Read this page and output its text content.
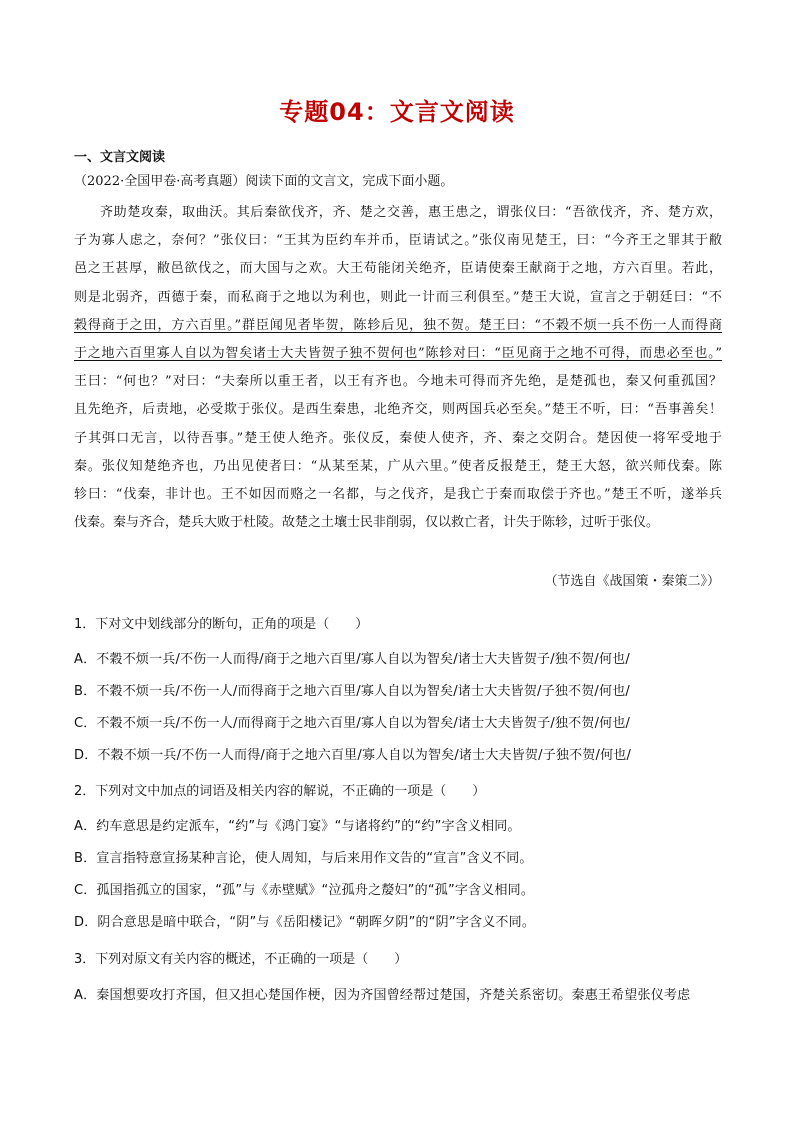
专题04：文言文阅读
一、文言文阅读
（2022·全国甲卷·高考真题）阅读下面的文言文，完成下面小题。
齐助楚攻秦，取曲沃。其后秦欲伐齐，齐、楚之交善，惠王患之，谓张仪曰：“吾欲伐齐，齐、楚方欢，
子为寡人虑之，奈何？”张仪曰：“王其为臣约车并币，臣请试之。”张仪南见楚王，曰：“今齐王之罪其于敝
邑之王甚厚，敝邑欲伐之，而大国与之欢。大王苟能闭关绝齐，臣请使秦王献商于之地，方六百里。若此，
则是北弱齐，西德于秦，而私商于之地以为利也，则此一计而三利俱至。”楚王大说，宣言之于朝廷曰：“不
榖得商于之田，方六百里。”群臣闻见者毕贺，陈轸后见，独不贺。楚王曰：“不榖不烦一兵不伤一人而得商
于之地六百里寡人自以为智矣诸士大夫皆贺子独不贺何也”陈轸对曰：“臣见商于之地不可得，而患必至也。”
王曰：“何也？”对曰：“夫秦所以重王者，以王有齐也。今地未可得而齐先绝，是楚孤也，秦又何重孤国？
且先绝齐，后责地，必受欺于张仪。是西生秦患，北绝齐交，则两国兵必至矣。”楚王不听，曰：“吾事善矣！
子其弭口无言，以待吾事。”楚王使人绝齐。张仪反，秦使人使齐，齐、秦之交阴合。楚因使一将军受地于
秦。张仪知楚绝齐也，乃出见使者曰：“从某至某，广从六里。”使者反报楚王，楚王大怒，欲兴师伐秦。陈
轸曰：“伐秦，非计也。王不如因而赂之一名都，与之伐齐，是我亡于秦而取偿于齐也。”楚王不听，遂举兵
伐秦。秦与齐合，楚兵大败于杜陵。故楚之土壤士民非削弱，仅以救亡者，计失于陈轸，过听于张仪。
（节选自《战国策・秦策二》）
1．下对文中划线部分的断句，正角的项是（　　）
A．不穀不烦一兵/不伤一人而得/商于之地六百里/寡人自以为智矣/诸士大夫皆贺子/独不贺/何也/
B．不穀不烦一兵/不伤一人/而得商于之地六百里/寡人自以为智矣/诸士大夫皆贺/子独不贺/何也/
C．不穀不烦一兵/不伤一人/而得商于之地六百里/寡人自以为智矣/诸士大夫皆贺子/独不贺/何也/
D．不穀不烦一兵/不伤一人而得/商于之地六百里/寡人自以为智矣/诸士大夫皆贺/子独不贺/何也/
2．下列对文中加点的词语及相关内容的解说，不正确的一项是（　　）
A．约车意思是约定派车，“约”与《鸿门宴》“与诸将约”的“约”字含义相同。
B．宣言指特意宣扬某种言论，使人周知，与后来用作文告的“宣言”含义不同。
C．孤国指孤立的国家，“孤”与《赤壁赋》“泣孤舟之嫠妇”的“孤”字含义相同。
D．阴合意思是暗中联合，“阴”与《岳阳楼记》“朝晖夕阴”的“阴”字含义不同。
3．下列对原文有关内容的概述，不正确的一项是（　　）
A．秦国想要攻打齐国，但又担心楚国作梗，因为齐国曾经帮过楚国，齐楚关系密切。秦惠王希望张仪考虑
